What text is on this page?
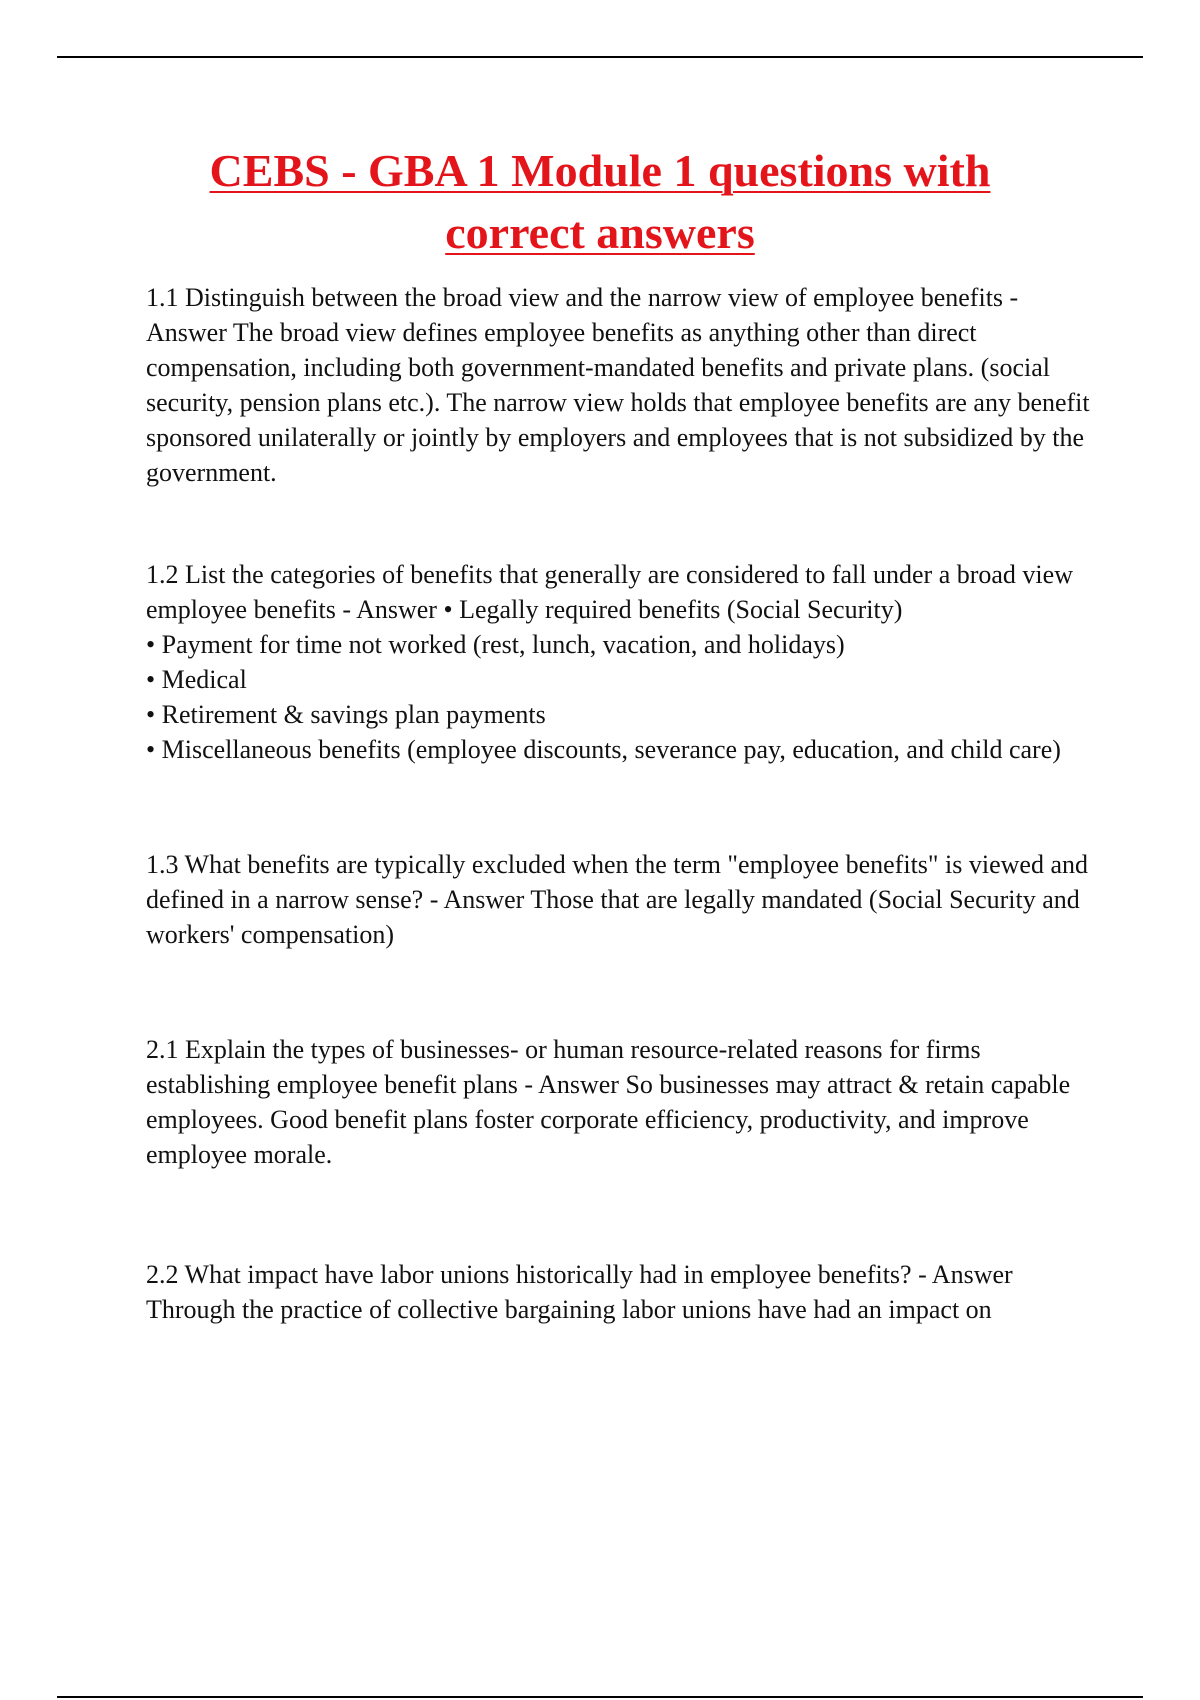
CEBS - GBA 1 Module 1 questions with
correct answers

1.1 Distinguish between the broad view and the narrow view of employee benefits - Answer The broad view defines employee benefits as anything other than direct compensation, including both government-mandated benefits and private plans. (social security, pension plans etc.). The narrow view holds that employee benefits are any benefit sponsored unilaterally or jointly by employers and employees that is not subsidized by the government.

1.2 List the categories of benefits that generally are considered to fall under a broad view employee benefits - Answer • Legally required benefits (Social Security)

• Payment for time not worked (rest, lunch, vacation, and holidays)

• Medical

• Retirement & savings plan payments

• Miscellaneous benefits (employee discounts, severance pay, education, and child care)

1.3 What benefits are typically excluded when the term "employee benefits" is viewed and defined in a narrow sense? - Answer Those that are legally mandated (Social Security and workers' compensation)

2.1 Explain the types of businesses- or human resource-related reasons for firms establishing employee benefit plans - Answer So businesses may attract & retain capable employees. Good benefit plans foster corporate efficiency, productivity, and improve employee morale.

2.2 What impact have labor unions historically had in employee benefits? - Answer Through the practice of collective bargaining labor unions have had an impact on
